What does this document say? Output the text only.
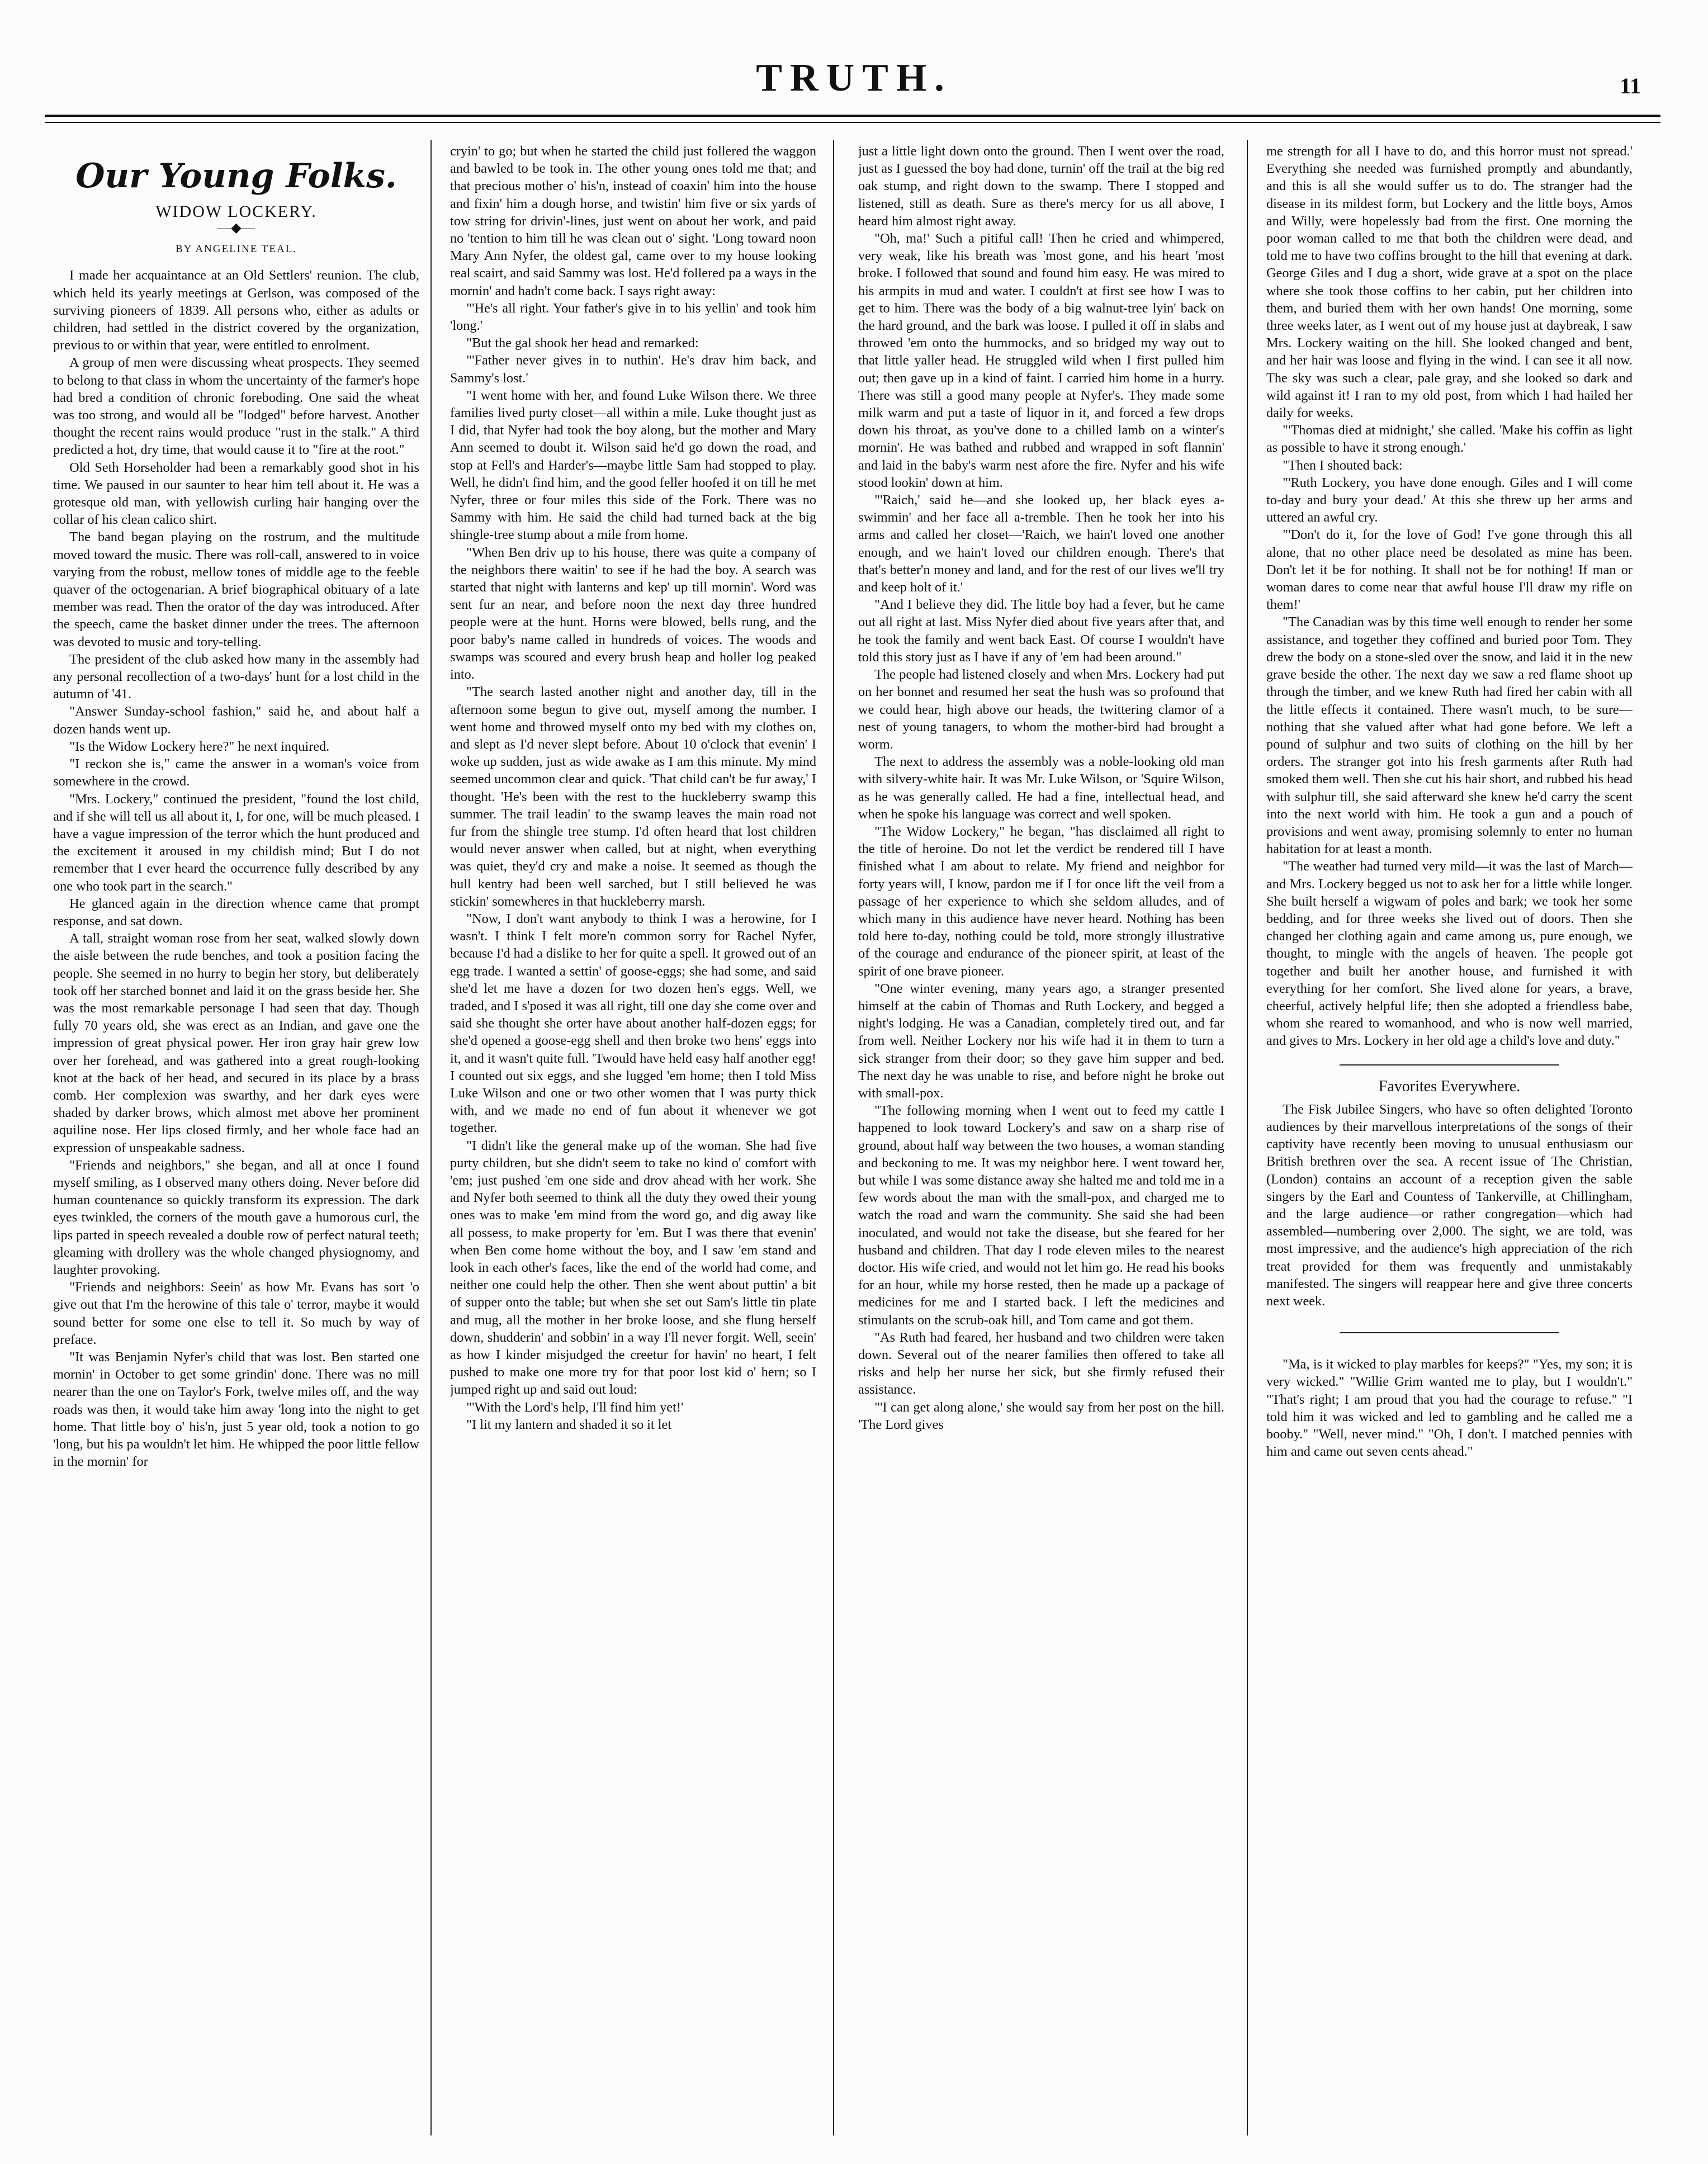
TRUTH.	11
Our Young Folks.
WIDOW LOCKERY.
—◆—
BY ANGELINE TEAL.

I made her acquaintance at an Old Settlers' reunion. The club, which held its yearly meetings at Gerlson, was composed of the surviving pioneers of 1839. All persons who, either as adults or children, had settled in the district covered by the organization, previous to or within that year, were entitled to enrolment.

A group of men were discussing wheat prospects. They seemed to belong to that class in whom the uncertainty of the farmer's hope had bred a condition of chronic foreboding. One said the wheat was too strong, and would all be "lodged" before harvest. Another thought the recent rains would produce "rust in the stalk." A third predicted a hot, dry time, that would cause it to "fire at the root."

Old Seth Horseholder had been a remarkably good shot in his time. We paused in our saunter to hear him tell about it. He was a grotesque old man, with yellowish curling hair hanging over the collar of his clean calico shirt.

The band began playing on the rostrum, and the multitude moved toward the music. There was roll-call, answered to in voice varying from the robust, mellow tones of middle age to the feeble quaver of the octogenarian. A brief biographical obituary of a late member was read. Then the orator of the day was introduced. After the speech, came the basket dinner under the trees. The afternoon was devoted to music and tory-telling.

The president of the club asked how many in the assembly had any personal recollection of a two-days' hunt for a lost child in the autumn of '41.

"Answer Sunday-school fashion," said he, and about half a dozen hands went up.

"Is the Widow Lockery here?" he next inquired.

"I reckon she is," came the answer in a woman's voice from somewhere in the crowd.

"Mrs. Lockery," continued the president, "found the lost child, and if she will tell us all about it, I, for one, will be much pleased. I have a vague impression of the terror which the hunt produced and the excitement it aroused in my childish mind; But I do not remember that I ever heard the occurrence fully described by any one who took part in the search."

He glanced again in the direction whence came that prompt response, and sat down.

A tall, straight woman rose from her seat, walked slowly down the aisle between the rude benches, and took a position facing the people. She seemed in no hurry to begin her story, but deliberately took off her starched bonnet and laid it on the grass beside her. She was the most remarkable personage I had seen that day. Though fully 70 years old, she was erect as an Indian, and gave one the impression of great physical power. Her iron gray hair grew low over her forehead, and was gathered into a great rough-looking knot at the back of her head, and secured in its place by a brass comb. Her complexion was swarthy, and her dark eyes were shaded by darker brows, which almost met above her prominent aquiline nose. Her lips closed firmly, and her whole face had an expression of unspeakable sadness.

"Friends and neighbors," she began, and all at once I found myself smiling, as I observed many others doing. Never before did human countenance so quickly transform its expression. The dark eyes twinkled, the corners of the mouth gave a humorous curl, the lips parted in speech revealed a double row of perfect natural teeth; gleaming with drollery was the whole changed physiognomy, and laughter provoking.

"Friends and neighbors: Seein' as how Mr. Evans has sort 'o give out that I'm the herowine of this tale o' terror, maybe it would sound better for some one else to tell it. So much by way of preface.

"It was Benjamin Nyfer's child that was lost. Ben started one mornin' in October to get some grindin' done. There was no mill nearer than the one on Taylor's Fork, twelve miles off, and the way roads was then, it would take him away 'long into the night to get home. That little boy o' his'n, just 5 year old, took a notion to go 'long, but his pa wouldn't let him. He whipped the poor little fellow in the mornin' for

cryin' to go; but when he started the child just follered the waggon and bawled to be took in. The other young ones told me that; and that precious mother o' his'n, instead of coaxin' him into the house and fixin' him a dough horse, and twistin' him five or six yards of tow string for drivin'-lines, just went on about her work, and paid no 'tention to him till he was clean out o' sight. 'Long toward noon Mary Ann Nyfer, the oldest gal, came over to my house looking real scairt, and said Sammy was lost. He'd follered pa a ways in the mornin' and hadn't come back. I says right away:

"'He's all right. Your father's give in to his yellin' and took him 'long.'

"But the gal shook her head and remarked:

"'Father never gives in to nuthin'. He's drav him back, and Sammy's lost.'

"I went home with her, and found Luke Wilson there. We three families lived purty closet—all within a mile. Luke thought just as I did, that Nyfer had took the boy along, but the mother and Mary Ann seemed to doubt it. Wilson said he'd go down the road, and stop at Fell's and Harder's—maybe little Sam had stopped to play. Well, he didn't find him, and the good feller hoofed it on till he met Nyfer, three or four miles this side of the Fork. There was no Sammy with him. He said the child had turned back at the big shingle-tree stump about a mile from home.

"When Ben driv up to his house, there was quite a company of the neighbors there waitin' to see if he had the boy. A search was started that night with lanterns and kep' up till mornin'. Word was sent fur an near, and before noon the next day three hundred people were at the hunt. Horns were blowed, bells rung, and the poor baby's name called in hundreds of voices. The woods and swamps was scoured and every brush heap and holler log peaked into.

"The search lasted another night and another day, till in the afternoon some begun to give out, myself among the number. I went home and throwed myself onto my bed with my clothes on, and slept as I'd never slept before. About 10 o'clock that evenin' I woke up sudden, just as wide awake as I am this minute. My mind seemed uncommon clear and quick. 'That child can't be fur away,' I thought. 'He's been with the rest to the huckleberry swamp this summer. The trail leadin' to the swamp leaves the main road not fur from the shingle tree stump. I'd often heard that lost children would never answer when called, but at night, when everything was quiet, they'd cry and make a noise. It seemed as though the hull kentry had been well sarched, but I still believed he was stickin' somewheres in that huckleberry marsh.

"Now, I don't want anybody to think I was a herowine, for I wasn't. I think I felt more'n common sorry for Rachel Nyfer, because I'd had a dislike to her for quite a spell. It growed out of an egg trade. I wanted a settin' of goose-eggs; she had some, and said she'd let me have a dozen for two dozen hen's eggs. Well, we traded, and I s'posed it was all right, till one day she come over and said she thought she orter have about another half-dozen eggs; for she'd opened a goose-egg shell and then broke two hens' eggs into it, and it wasn't quite full. 'Twould have held easy half another egg! I counted out six eggs, and she lugged 'em home; then I told Miss Luke Wilson and one or two other women that I was purty thick with, and we made no end of fun about it whenever we got together.

"I didn't like the general make up of the woman. She had five purty children, but she didn't seem to take no kind o' comfort with 'em; just pushed 'em one side and drov ahead with her work. She and Nyfer both seemed to think all the duty they owed their young ones was to make 'em mind from the word go, and dig away like all possess, to make property for 'em. But I was there that evenin' when Ben come home without the boy, and I saw 'em stand and look in each other's faces, like the end of the world had come, and neither one could help the other. Then she went about puttin' a bit of supper onto the table; but when she set out Sam's little tin plate and mug, all the mother in her broke loose, and she flung herself down, shudderin' and sobbin' in a way I'll never forgit. Well, seein' as how I kinder misjudged the creetur for havin' no heart, I felt pushed to make one more try for that poor lost kid o' hern; so I jumped right up and said out loud:

"'With the Lord's help, I'll find him yet!'

"I lit my lantern and shaded it so it let

just a little light down onto the ground. Then I went over the road, just as I guessed the boy had done, turnin' off the trail at the big red oak stump, and right down to the swamp. There I stopped and listened, still as death. Sure as there's mercy for us all above, I heard him almost right away.

"Oh, ma!' Such a pitiful call! Then he cried and whimpered, very weak, like his breath was 'most gone, and his heart 'most broke. I followed that sound and found him easy. He was mired to his armpits in mud and water. I couldn't at first see how I was to get to him. There was the body of a big walnut-tree lyin' back on the hard ground, and the bark was loose. I pulled it off in slabs and throwed 'em onto the hummocks, and so bridged my way out to that little yaller head. He struggled wild when I first pulled him out; then gave up in a kind of faint. I carried him home in a hurry. There was still a good many people at Nyfer's. They made some milk warm and put a taste of liquor in it, and forced a few drops down his throat, as you've done to a chilled lamb on a winter's mornin'. He was bathed and rubbed and wrapped in soft flannin' and laid in the baby's warm nest afore the fire. Nyfer and his wife stood lookin' down at him.

"'Raich,' said he—and she looked up, her black eyes a-swimmin' and her face all a-tremble. Then he took her into his arms and called her closet—'Raich, we hain't loved one another enough, and we hain't loved our children enough. There's that that's better'n money and land, and for the rest of our lives we'll try and keep holt of it.'

"And I believe they did. The little boy had a fever, but he came out all right at last. Miss Nyfer died about five years after that, and he took the family and went back East. Of course I wouldn't have told this story just as I have if any of 'em had been around."

The people had listened closely and when Mrs. Lockery had put on her bonnet and resumed her seat the hush was so profound that we could hear, high above our heads, the twittering clamor of a nest of young tanagers, to whom the mother-bird had brought a worm.

The next to address the assembly was a noble-looking old man with silvery-white hair. It was Mr. Luke Wilson, or 'Squire Wilson, as he was generally called. He had a fine, intellectual head, and when he spoke his language was correct and well spoken.

"The Widow Lockery," he began, "has disclaimed all right to the title of heroine. Do not let the verdict be rendered till I have finished what I am about to relate. My friend and neighbor for forty years will, I know, pardon me if I for once lift the veil from a passage of her experience to which she seldom alludes, and of which many in this audience have never heard. Nothing has been told here to-day, nothing could be told, more strongly illustrative of the courage and endurance of the pioneer spirit, at least of the spirit of one brave pioneer.

"One winter evening, many years ago, a stranger presented himself at the cabin of Thomas and Ruth Lockery, and begged a night's lodging. He was a Canadian, completely tired out, and far from well. Neither Lockery nor his wife had it in them to turn a sick stranger from their door; so they gave him supper and bed. The next day he was unable to rise, and before night he broke out with small-pox.

"The following morning when I went out to feed my cattle I happened to look toward Lockery's and saw on a sharp rise of ground, about half way between the two houses, a woman standing and beckoning to me. It was my neighbor here. I went toward her, but while I was some distance away she halted me and told me in a few words about the man with the small-pox, and charged me to watch the road and warn the community. She said she had been inoculated, and would not take the disease, but she feared for her husband and children. That day I rode eleven miles to the nearest doctor. His wife cried, and would not let him go. He read his books for an hour, while my horse rested, then he made up a package of medicines for me and I started back. I left the medicines and stimulants on the scrub-oak hill, and Tom came and got them.

"As Ruth had feared, her husband and two children were taken down. Several out of the nearer families then offered to take all risks and help her nurse her sick, but she firmly refused their assistance.

"'I can get along alone,' she would say from her post on the hill. 'The Lord gives

me strength for all I have to do, and this horror must not spread.' Everything she needed was furnished promptly and abundantly, and this is all she would suffer us to do. The stranger had the disease in its mildest form, but Lockery and the little boys, Amos and Willy, were hopelessly bad from the first. One morning the poor woman called to me that both the children were dead, and told me to have two coffins brought to the hill that evening at dark. George Giles and I dug a short, wide grave at a spot on the place where she took those coffins to her cabin, put her children into them, and buried them with her own hands! One morning, some three weeks later, as I went out of my house just at daybreak, I saw Mrs. Lockery waiting on the hill. She looked changed and bent, and her hair was loose and flying in the wind. I can see it all now. The sky was such a clear, pale gray, and she looked so dark and wild against it! I ran to my old post, from which I had hailed her daily for weeks.

"'Thomas died at midnight,' she called. 'Make his coffin as light as possible to have it strong enough.'

"Then I shouted back:

"'Ruth Lockery, you have done enough. Giles and I will come to-day and bury your dead.' At this she threw up her arms and uttered an awful cry.

"'Don't do it, for the love of God! I've gone through this all alone, that no other place need be desolated as mine has been. Don't let it be for nothing. It shall not be for nothing! If man or woman dares to come near that awful house I'll draw my rifle on them!'

"The Canadian was by this time well enough to render her some assistance, and together they coffined and buried poor Tom. They drew the body on a stone-sled over the snow, and laid it in the new grave beside the other. The next day we saw a red flame shoot up through the timber, and we knew Ruth had fired her cabin with all the little effects it contained. There wasn't much, to be sure—nothing that she valued after what had gone before. We left a pound of sulphur and two suits of clothing on the hill by her orders. The stranger got into his fresh garments after Ruth had smoked them well. Then she cut his hair short, and rubbed his head with sulphur till, she said afterward she knew he'd carry the scent into the next world with him. He took a gun and a pouch of provisions and went away, promising solemnly to enter no human habitation for at least a month.

"The weather had turned very mild—it was the last of March—and Mrs. Lockery begged us not to ask her for a little while longer. She built herself a wigwam of poles and bark; we took her some bedding, and for three weeks she lived out of doors. Then she changed her clothing again and came among us, pure enough, we thought, to mingle with the angels of heaven. The people got together and built her another house, and furnished it with everything for her comfort. She lived alone for years, a brave, cheerful, actively helpful life; then she adopted a friendless babe, whom she reared to womanhood, and who is now well married, and gives to Mrs. Lockery in her old age a child's love and duty."

Favorites Everywhere.

The Fisk Jubilee Singers, who have so often delighted Toronto audiences by their marvellous interpretations of the songs of their captivity have recently been moving to unusual enthusiasm our British brethren over the sea. A recent issue of The Christian, (London) contains an account of a reception given the sable singers by the Earl and Countess of Tankerville, at Chillingham, and the large audience—or rather congregation—which had assembled—numbering over 2,000. The sight, we are told, was most impressive, and the audience's high appreciation of the rich treat provided for them was frequently and unmistakably manifested. The singers will reappear here and give three concerts next week.

"Ma, is it wicked to play marbles for keeps?" "Yes, my son; it is very wicked." "Willie Grim wanted me to play, but I wouldn't." "That's right; I am proud that you had the courage to refuse." "I told him it was wicked and led to gambling and he called me a booby." "Well, never mind." "Oh, I don't. I matched pennies with him and came out seven cents ahead."
